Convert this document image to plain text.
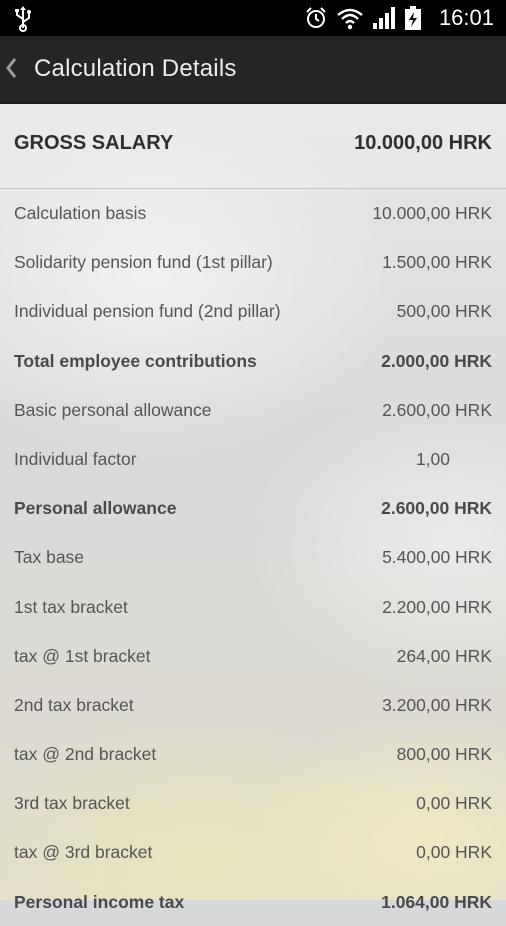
16:01
Calculation Details
GROSS SALARY	10.000,00 HRK
Calculation basis	10.000,00 HRK
Solidarity pension fund (1st pillar)	1.500,00 HRK
Individual pension fund (2nd pillar)	500,00 HRK
Total employee contributions	2.000,00 HRK
Basic personal allowance	2.600,00 HRK
Individual factor	1,00
Personal allowance	2.600,00 HRK
Tax base	5.400,00 HRK
1st tax bracket	2.200,00 HRK
tax @ 1st bracket	264,00 HRK
2nd tax bracket	3.200,00 HRK
tax @ 2nd bracket	800,00 HRK
3rd tax bracket	0,00 HRK
tax @ 3rd bracket	0,00 HRK
Personal income tax	1.064,00 HRK
